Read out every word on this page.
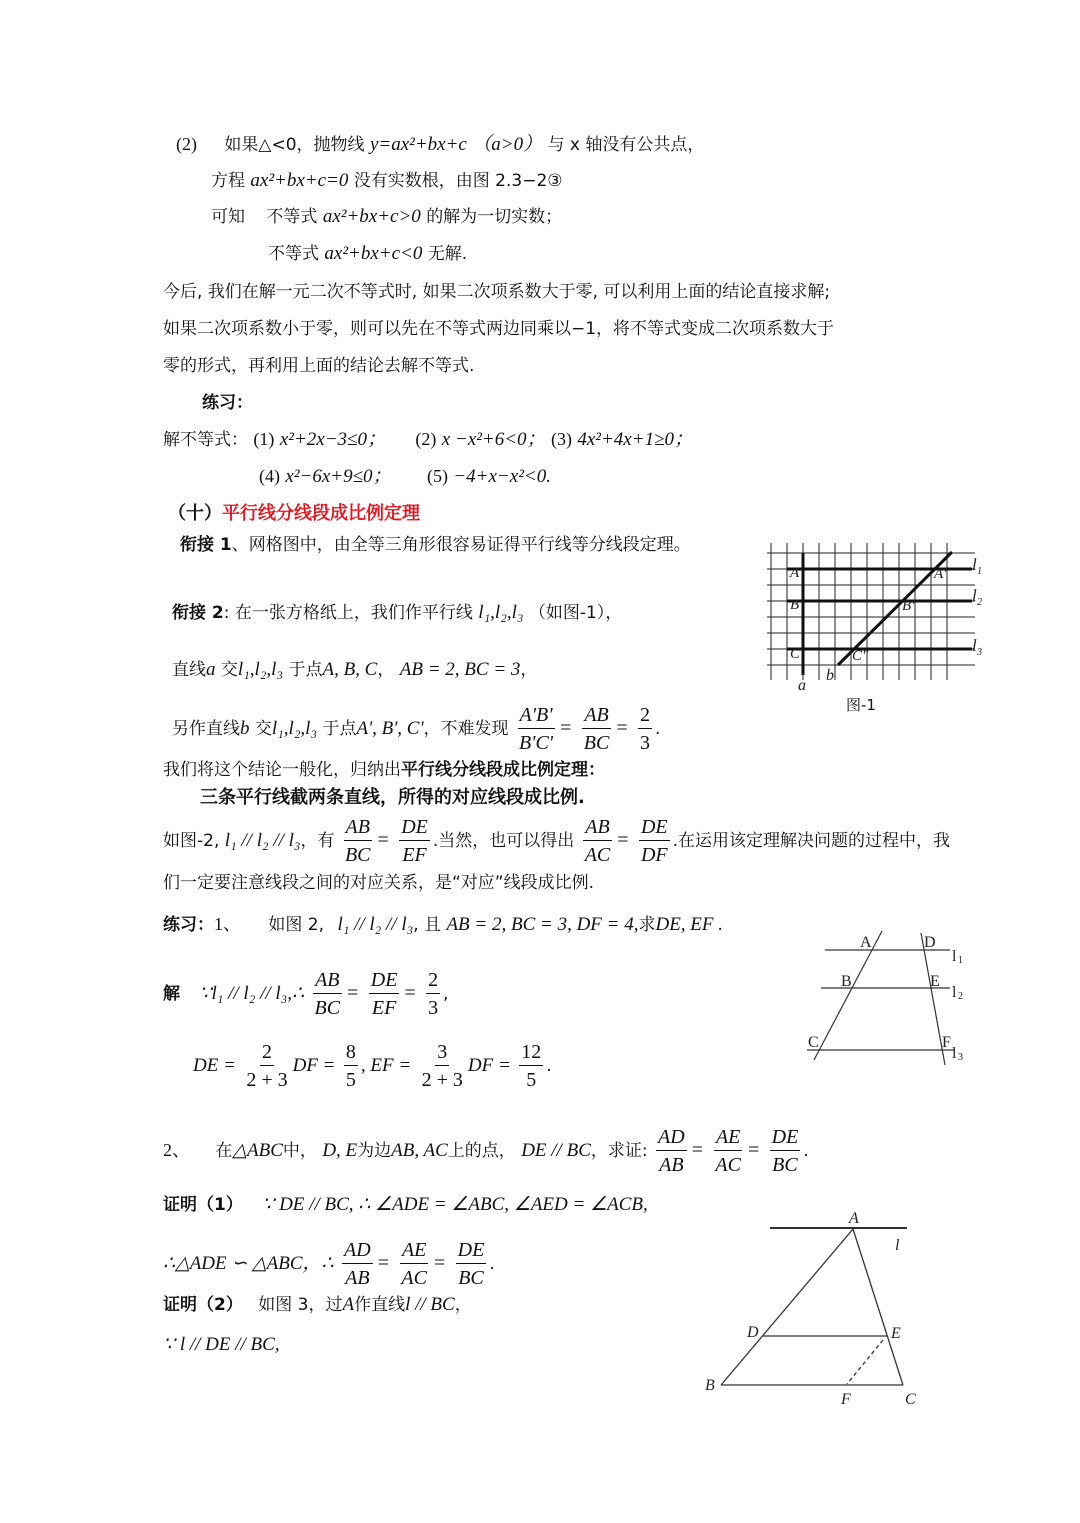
(2) 如果△<0，抛物线 y=ax²+bx+c （a>0） 与 x 轴没有公共点，
方程 ax²+bx+c=0 没有实数根，由图 2.3−2③
可知 不等式 ax²+bx+c>0 的解为一切实数；
不等式 ax²+bx+c<0 无解.
今后, 我们在解一元二次不等式时, 如果二次项系数大于零, 可以利用上面的结论直接求解;
如果二次项系数小于零，则可以先在不等式两边同乘以−1，将不等式变成二次项系数大于
零的形式，再利用上面的结论去解不等式.
练习：
解不等式： (1) x²+2x−3≤0； (2) x −x²+6<0； (3) 4x²+4x+1≥0；
(4) x²−6x+9≤0； (5) −4+x−x²<0.
（十）平行线分线段成比例定理
衔接 1、网格图中，由全等三角形很容易证得平行线等分线段定理。
衔接 2: 在一张方格纸上，我们作平行线 l₁,l₂,l₃ （如图-1），
直线a 交l₁,l₂,l₃ 于点A, B, C， AB = 2, BC = 3，
另作直线b 交l₁,l₂,l₃ 于点A', B', C'，不难发现 $\frac{A'B'}{B'C'} = \frac{AB}{BC} = \frac{2}{3}$ .
我们将这个结论一般化，归纳出平行线分线段成比例定理：
三条平行线截两条直线，所得的对应线段成比例.
如图-2, l₁ // l₂ // l₃，有 $\frac{AB}{BC} = \frac{DE}{EF}$ .当然，也可以得出 $\frac{AB}{AC} = \frac{DE}{DF}$ .在运用该定理解决问题的过程中，我
们一定要注意线段之间的对应关系，是“对应”线段成比例.
练习：1、 如图 2, l₁ // l₂ // l₃, 且 AB = 2, BC = 3, DF = 4,求DE, EF .
解 ∵l₁ // l₂ // l₃,∴ $\frac{AB}{BC} = \frac{DE}{EF} = \frac{2}{3}$ ,
DE = $\frac{2}{2 + 3}$ DF = $\frac{8}{5}$ , EF = $\frac{3}{2 + 3}$ DF = $\frac{12}{5}$ .
2、 在△ABC中， D, E为边AB, AC上的点， DE // BC，求证: $\frac{AD}{AB} = \frac{AE}{AC} = \frac{DE}{BC}$ .
证明（1） ∵ DE // BC, ∴ ∠ADE = ∠ABC, ∠AED = ∠ACB,
∴△ADE ∽ △ABC，∴ $\frac{AD}{AB} = \frac{AE}{AC} = \frac{DE}{BC}$ .
证明（2） 如图 3，过A作直线l // BC，
∵ l // DE // BC,
A
B
C
A'
B'
C"
l 1
l 2
l 3
a
b
图-1
A	D
B	E
C	F
l 1
l 2
l 3
A
l
D	E
B
F	C
